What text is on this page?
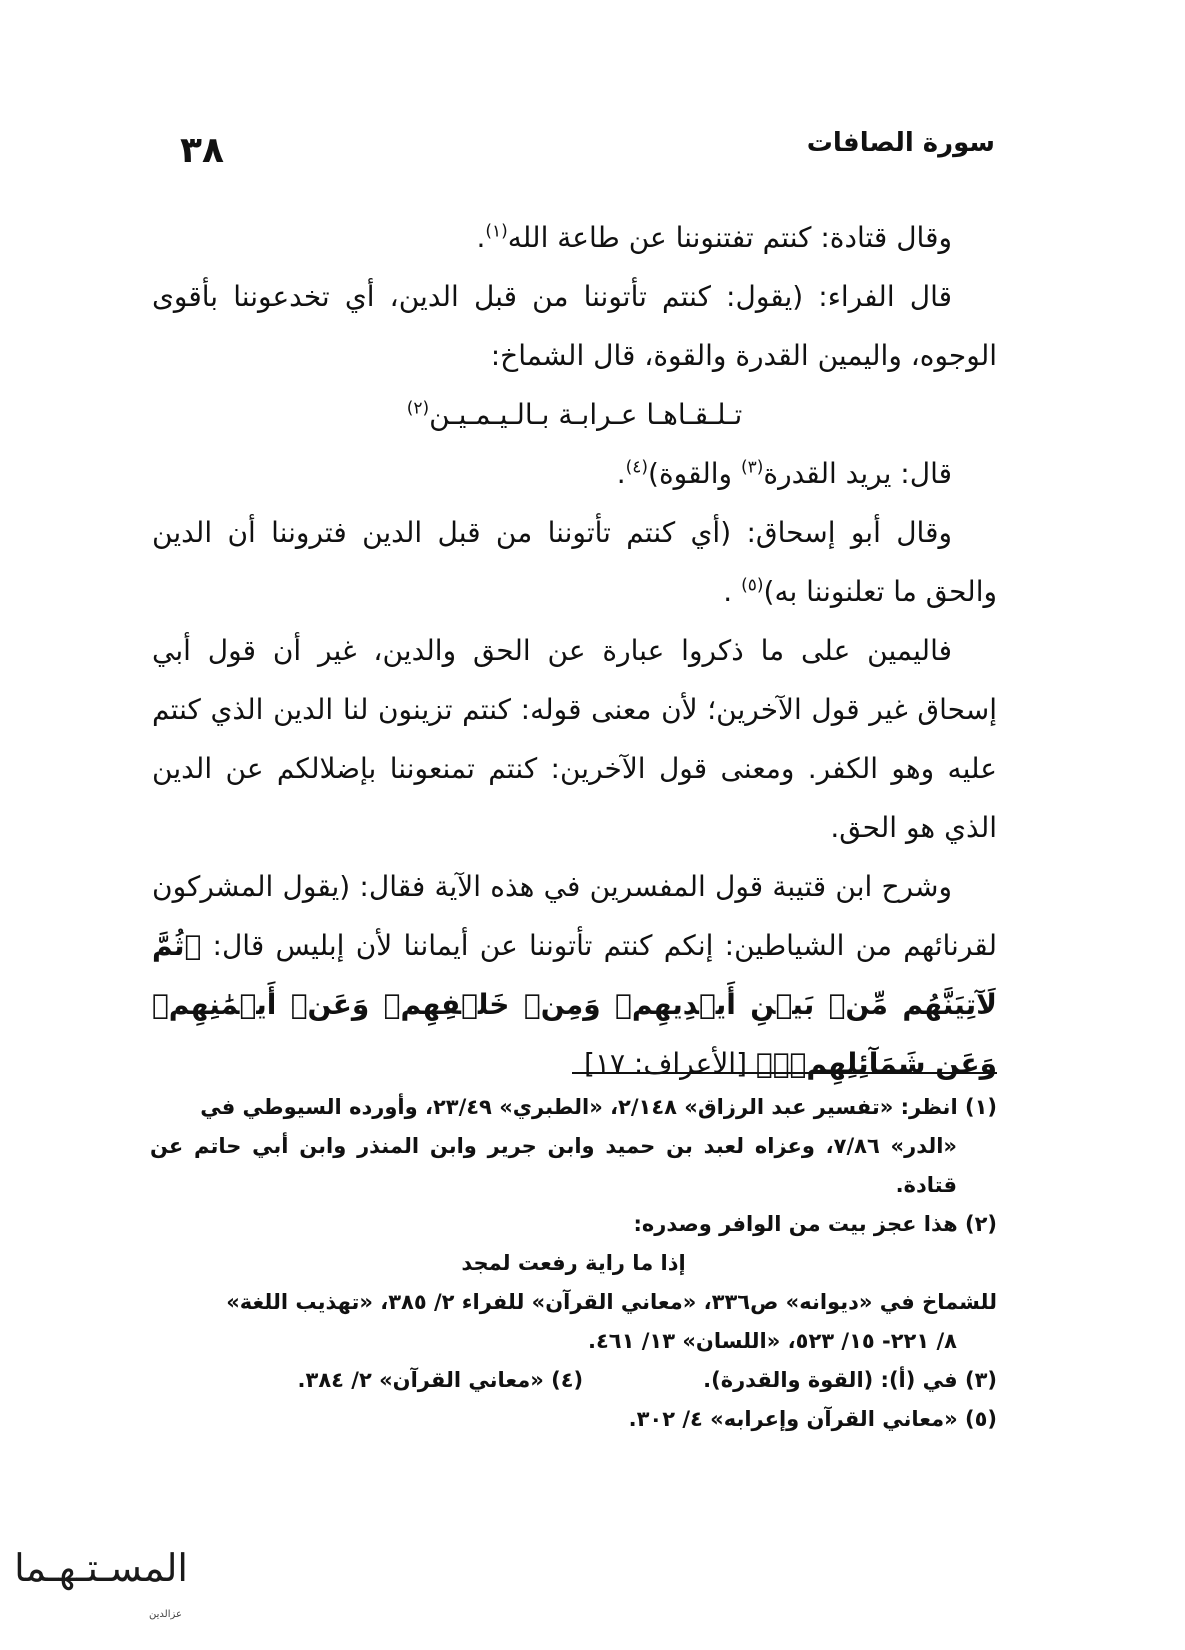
سورة الصافات
٣٨

وقال قتادة: كنتم تفتنوننا عن طاعة الله$^{(١)}$.

قال الفراء: (يقول: كنتم تأتوننا من قبل الدين، أي تخدعوننا بأقوى الوجوه، واليمين القدرة والقوة، قال الشماخ:

تـلـقـاهـا عـرابـة بـالـيـمـيـن$^{(٢)}$

قال: يريد القدرة$^{(٣)}$ والقوة)$^{(٤)}$.

وقال أبو إسحاق: (أي كنتم تأتوننا من قبل الدين فتروننا أن الدين والحق ما تعلنوننا به)$^{(٥)}$ .

فاليمين على ما ذكروا عبارة عن الحق والدين، غير أن قول أبي إسحاق غير قول الآخرين؛ لأن معنى قوله: كنتم تزينون لنا الدين الذي كنتم عليه وهو الكفر. ومعنى قول الآخرين: كنتم تمنعوننا بإضلالكم عن الدين الذي هو الحق.

وشرح ابن قتيبة قول المفسرين في هذه الآية فقال: (يقول المشركون لقرنائهم من الشياطين: إنكم كنتم تأتوننا عن أيماننا لأن إبليس قال: ﴿ثُمَّ لَآتِيَنَّهُم مِّنۢ بَيۡنِ أَيۡدِيهِمۡ وَمِنۡ خَلۡفِهِمۡ وَعَنۡ أَيۡمَٰنِهِمۡ وَعَن شَمَآئِلِهِمۡۖ﴾ [الأعراف: ١٧]

(١) انظر: «تفسير عبد الرزاق» ٢/١٤٨، «الطبري» ٢٣/٤٩، وأورده السيوطي في

«الدر» ٧/٨٦، وعزاه لعبد بن حميد وابن جرير وابن المنذر وابن أبي حاتم عن قتادة.

(٢) هذا عجز بيت من الوافر وصدره:

إذا ما راية رفعت لمجد

للشماخ في «ديوانه» ص٣٣٦، «معاني القرآن» للفراء ٢/ ٣٨٥، «تهذيب اللغة»

٨/ ٢٢١- ١٥/ ٥٢٣، «اللسان» ١٣/ ٤٦١.

(٣) في (أ): (القوة والقدرة).
(٤) «معاني القرآن» ٢/ ٣٨٤.

(٥) «معاني القرآن وإعرابه» ٤/ ٣٠٢.

المسـتـهـما
عزالدين
